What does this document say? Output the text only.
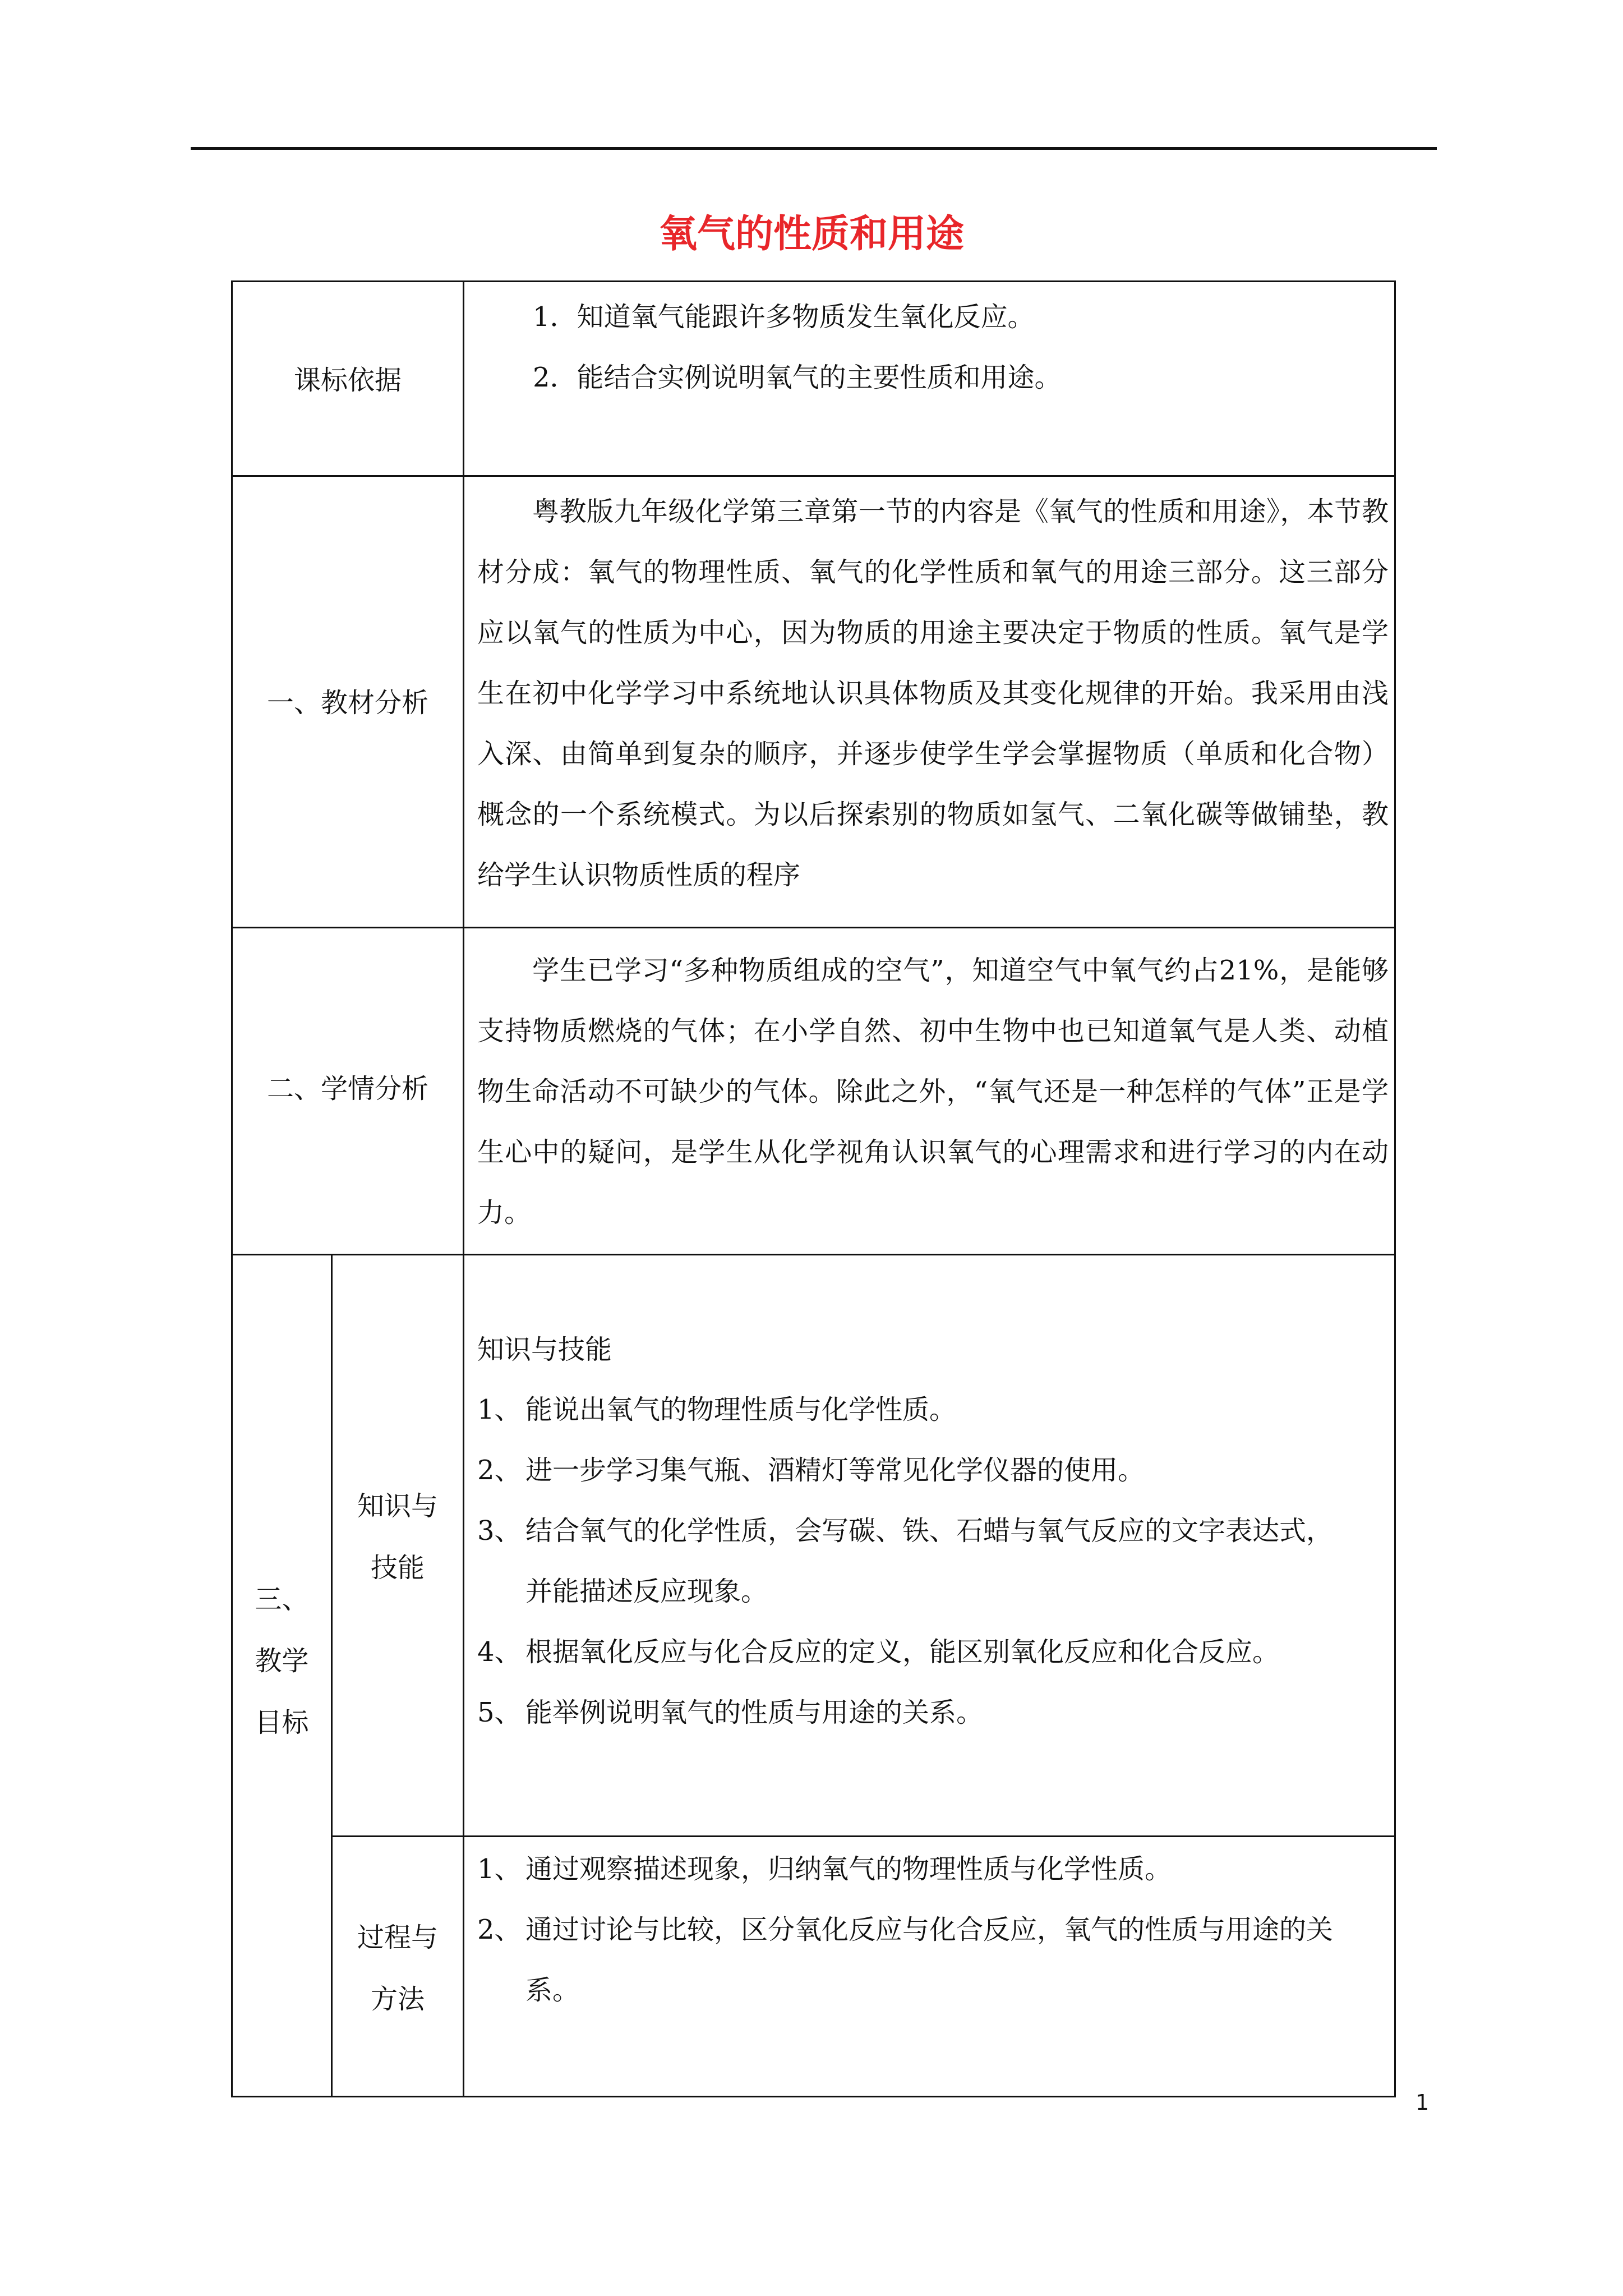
氧气的性质和用途
课标依据
1．知道氧气能跟许多物质发生氧化反应。
2．能结合实例说明氧气的主要性质和用途。
一、教材分析
粤教版九年级化学第三章第一节的内容是《氧气的性质和用途》，本节教材分成：氧气的物理性质、氧气的化学性质和氧气的用途三部分。这三部分应以氧气的性质为中心，因为物质的用途主要决定于物质的性质。氧气是学生在初中化学学习中系统地认识具体物质及其变化规律的开始。我采用由浅入深、由简单到复杂的顺序，并逐步使学生学会掌握物质（单质和化合物）概念的一个系统模式。为以后探索别的物质如氢气、二氧化碳等做铺垫，教给学生认识物质性质的程序
二、学情分析
学生已学习“多种物质组成的空气”，知道空气中氧气约占21%，是能够支持物质燃烧的气体；在小学自然、初中生物中也已知道氧气是人类、动植物生命活动不可缺少的气体。除此之外，“氧气还是一种怎样的气体”正是学生心中的疑问，是学生从化学视角认识氧气的心理需求和进行学习的内在动力。
三、
教学
目标
知识与
技能
知识与技能
1、 能说出氧气的物理性质与化学性质。
2、 进一步学习集气瓶、酒精灯等常见化学仪器的使用。
3、 结合氧气的化学性质，会写碳、铁、石蜡与氧气反应的文字表达式，
并能描述反应现象。
4、 根据氧化反应与化合反应的定义，能区别氧化反应和化合反应。
5、 能举例说明氧气的性质与用途的关系。
过程与
方法
1、 通过观察描述现象，归纳氧气的物理性质与化学性质。
2、 通过讨论与比较，区分氧化反应与化合反应，氧气的性质与用途的关
系。
1
